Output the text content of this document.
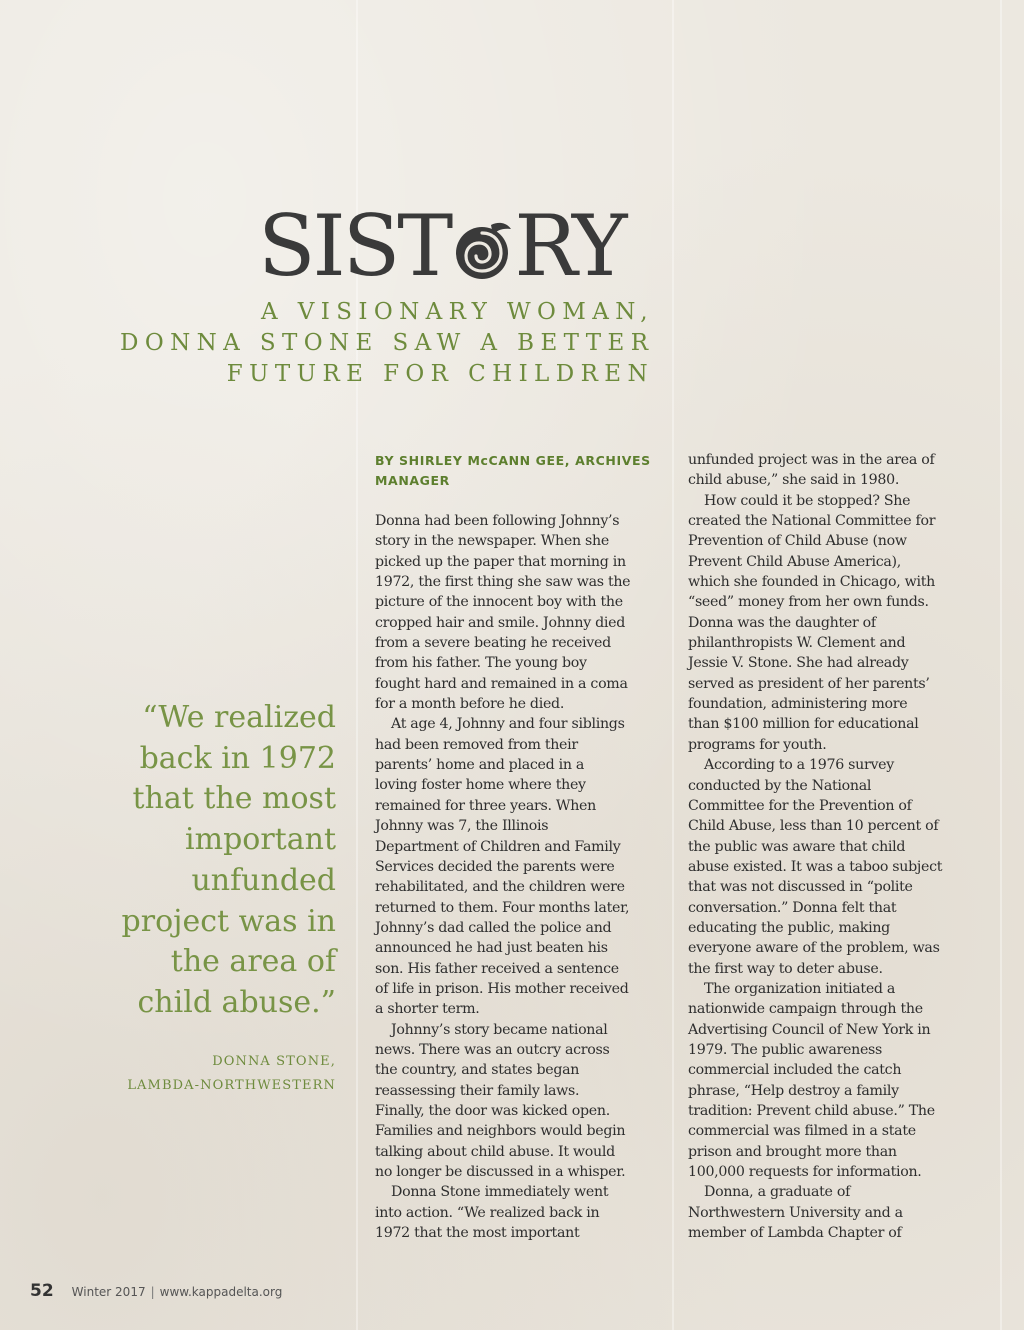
SIST RY
A VISIONARY WOMAN,
DONNA STONE SAW A BETTER
FUTURE FOR CHILDREN
“We realized
back in 1972
that the most
important
unfunded
project was in
the area of
child abuse.”
DONNA STONE,
LAMBDA-NORTHWESTERN
BY SHIRLEY McCANN GEE, ARCHIVES
MANAGER
Donna had been following Johnny’s
story in the newspaper. When she
picked up the paper that morning in
1972, the first thing she saw was the
picture of the innocent boy with the
cropped hair and smile. Johnny died
from a severe beating he received
from his father. The young boy
fought hard and remained in a coma
for a month before he died.
At age 4, Johnny and four siblings
had been removed from their
parents’ home and placed in a
loving foster home where they
remained for three years. When
Johnny was 7, the Illinois
Department of Children and Family
Services decided the parents were
rehabilitated, and the children were
returned to them. Four months later,
Johnny’s dad called the police and
announced he had just beaten his
son. His father received a sentence
of life in prison. His mother received
a shorter term.
Johnny’s story became national
news. There was an outcry across
the country, and states began
reassessing their family laws.
Finally, the door was kicked open.
Families and neighbors would begin
talking about child abuse. It would
no longer be discussed in a whisper.
Donna Stone immediately went
into action. “We realized back in
1972 that the most important
unfunded project was in the area of
child abuse,” she said in 1980.
How could it be stopped? She
created the National Committee for
Prevention of Child Abuse (now
Prevent Child Abuse America),
which she founded in Chicago, with
“seed” money from her own funds.
Donna was the daughter of
philanthropists W. Clement and
Jessie V. Stone. She had already
served as president of her parents’
foundation, administering more
than $100 million for educational
programs for youth.
According to a 1976 survey
conducted by the National
Committee for the Prevention of
Child Abuse, less than 10 percent of
the public was aware that child
abuse existed. It was a taboo subject
that was not discussed in “polite
conversation.” Donna felt that
educating the public, making
everyone aware of the problem, was
the first way to deter abuse.
The organization initiated a
nationwide campaign through the
Advertising Council of New York in
1979. The public awareness
commercial included the catch
phrase, “Help destroy a family
tradition: Prevent child abuse.” The
commercial was filmed in a state
prison and brought more than
100,000 requests for information.
Donna, a graduate of
Northwestern University and a
member of Lambda Chapter of
52 Winter 2017 | www.kappadelta.org
